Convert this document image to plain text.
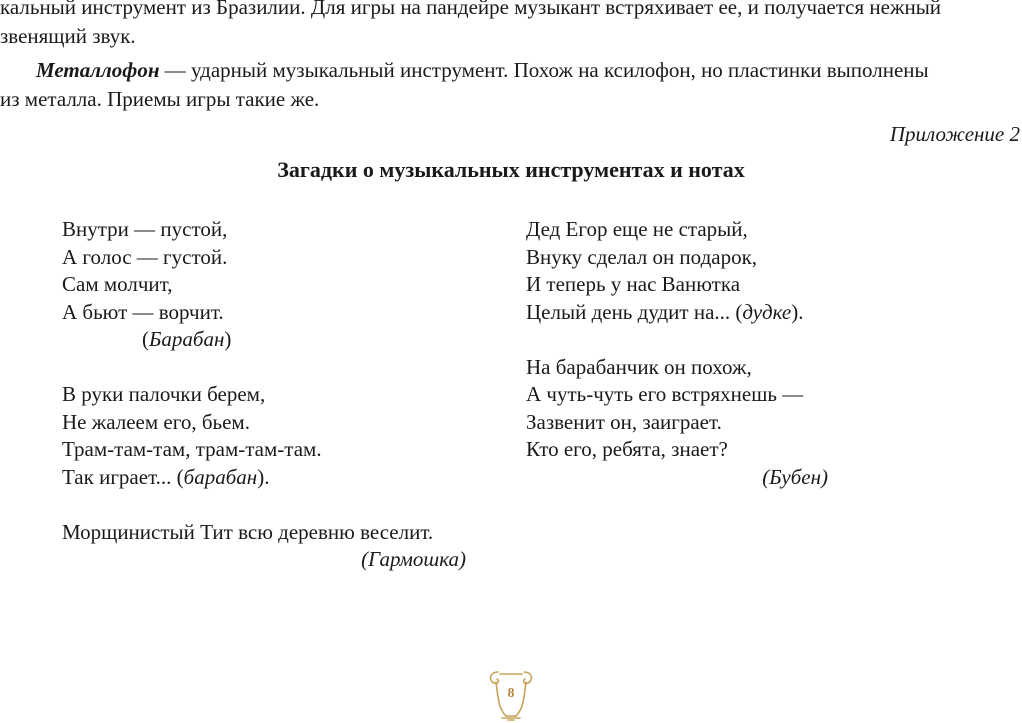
кальный инструмент из Бразилии. Для игры на пандейре музыкант встряхивает ее, и получается нежный
звенящий звук.
Металлофон — ударный музыкальный инструмент. Похож на ксилофон, но пластинки выполнены
из металла. Приемы игры такие же.
Приложение 2
Загадки о музыкальных инструментах и нотах
Внутри — пустой,
А голос — густой.
Сам молчит,
А бьют — ворчит.
(Барабан)
В руки палочки берем,
Не жалеем его, бьем.
Трам-там-там, трам-там-там.
Так играет... (барабан).
Морщинистый Тит всю деревню веселит.
(Гармошка)
Дед Егор еще не старый,
Внуку сделал он подарок,
И теперь у нас Ванютка
Целый день дудит на... (дудке).
На барабанчик он похож,
А чуть-чуть его встряхнешь —
Зазвенит он, заиграет.
Кто его, ребята, знает?
(Бубен)
8
